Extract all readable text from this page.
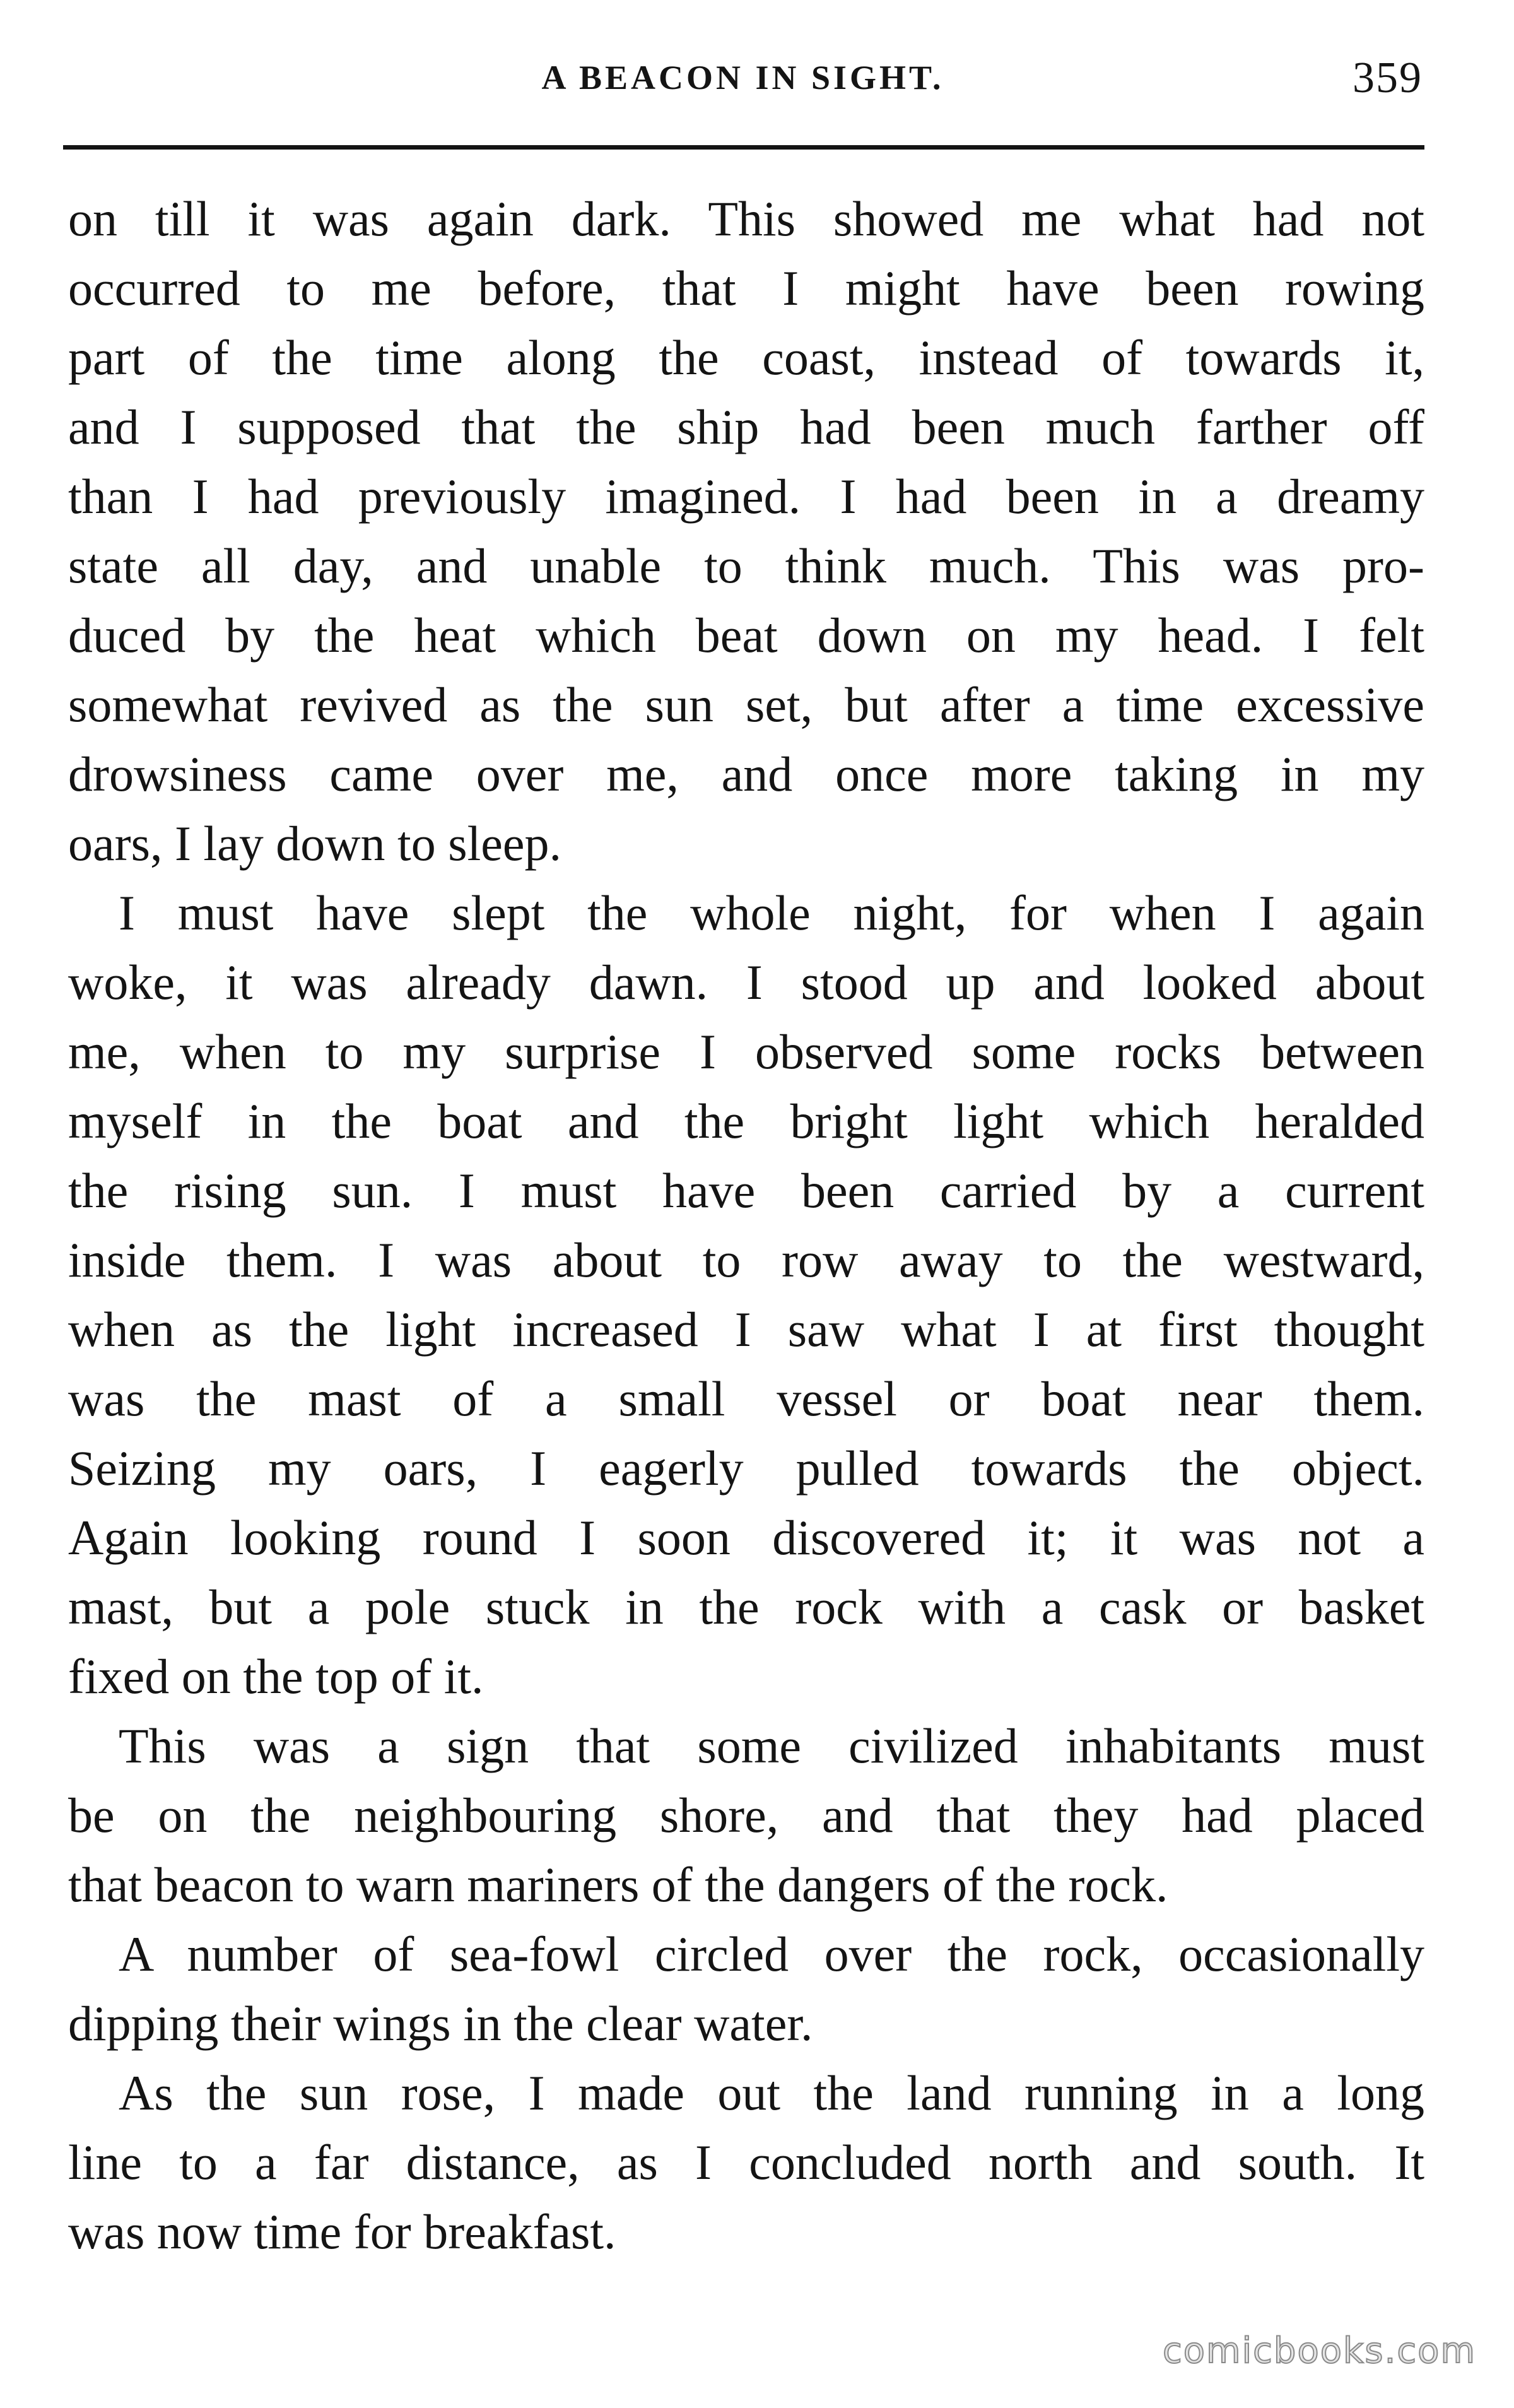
A BEACON IN SIGHT.	359
on till it was again dark. This showed me what had not
occurred to me before, that I might have been rowing
part of the time along the coast, instead of towards it,
and I supposed that the ship had been much farther off
than I had previously imagined. I had been in a dreamy
state all day, and unable to think much. This was pro-
duced by the heat which beat down on my head. I felt
somewhat revived as the sun set, but after a time excessive
drowsiness came over me, and once more taking in my
oars, I lay down to sleep.
I must have slept the whole night, for when I again
woke, it was already dawn. I stood up and looked about
me, when to my surprise I observed some rocks between
myself in the boat and the bright light which heralded
the rising sun. I must have been carried by a current
inside them. I was about to row away to the westward,
when as the light increased I saw what I at first thought
was the mast of a small vessel or boat near them.
Seizing my oars, I eagerly pulled towards the object.
Again looking round I soon discovered it; it was not a
mast, but a pole stuck in the rock with a cask or basket
fixed on the top of it.
This was a sign that some civilized inhabitants must
be on the neighbouring shore, and that they had placed
that beacon to warn mariners of the dangers of the rock.
A number of sea-fowl circled over the rock, occasionally
dipping their wings in the clear water.
As the sun rose, I made out the land running in a long
line to a far distance, as I concluded north and south. It
was now time for breakfast.
comicbooks.com
